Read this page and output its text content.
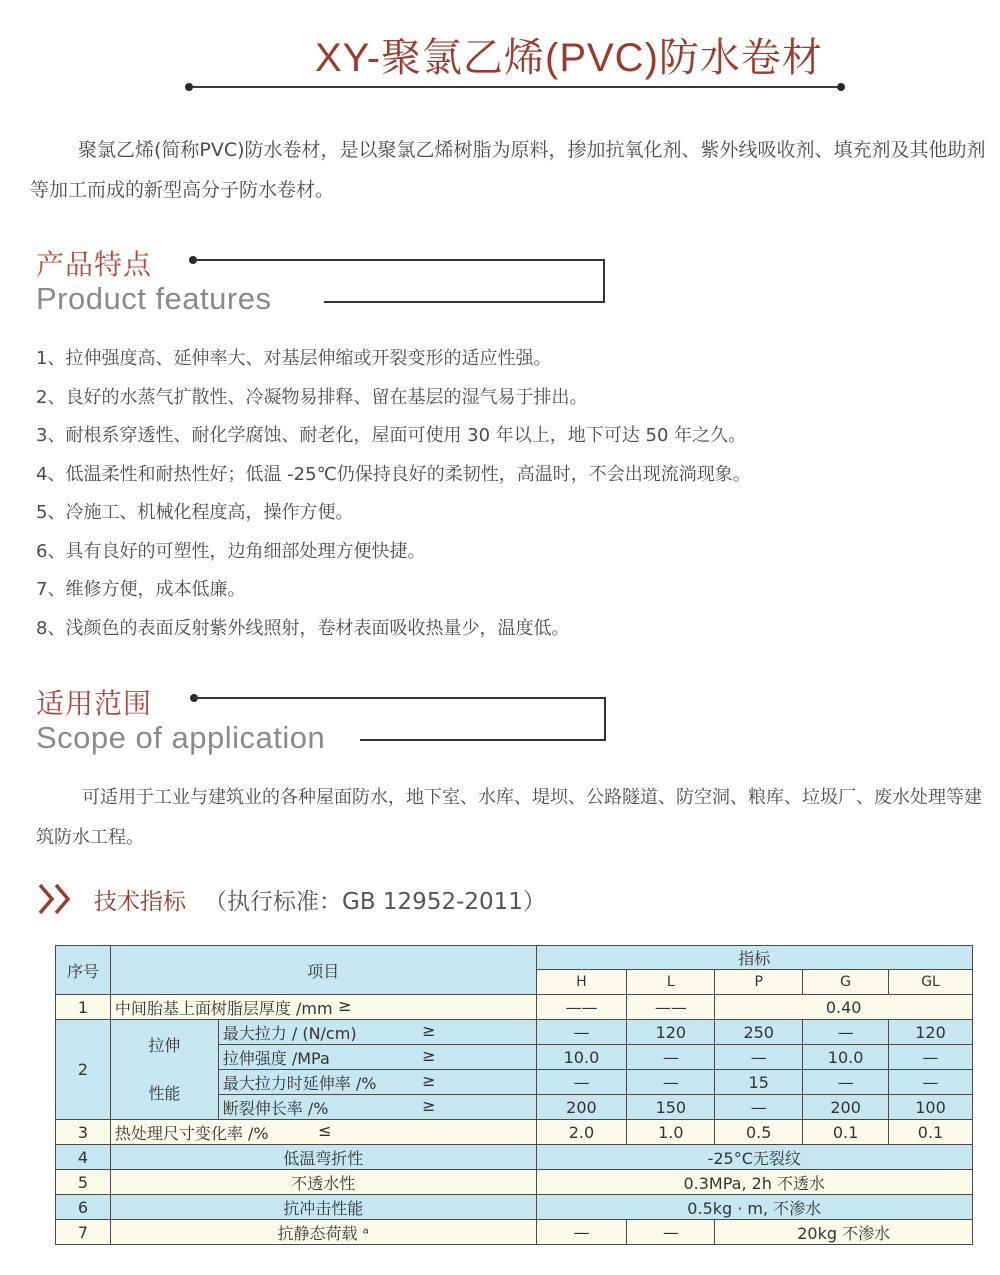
XY-聚氯乙烯(PVC)防水卷材

聚氯乙烯(简称PVC)防水卷材，是以聚氯乙烯树脂为原料，掺加抗氧化剂、紫外线吸收剂、填充剂及其他助剂等加工而成的新型高分子防水卷材。

产品特点
Product features
1、拉伸强度高、延伸率大、对基层伸缩或开裂变形的适应性强。
2、良好的水蒸气扩散性、冷凝物易排释、留在基层的湿气易于排出。
3、耐根系穿透性、耐化学腐蚀、耐老化，屋面可使用 30 年以上，地下可达 50 年之久。
4、低温柔性和耐热性好；低温 -25℃仍保持良好的柔韧性，高温时，不会出现流淌现象。
5、冷施工、机械化程度高，操作方便。
6、具有良好的可塑性，边角细部处理方便快捷。
7、维修方便，成本低廉。
8、浅颜色的表面反射紫外线照射，卷材表面吸收热量少，温度低。
适用范围
Scope of application

可适用于工业与建筑业的各种屋面防水，地下室、水库、堤坝、公路隧道、防空洞、粮库、垃圾厂、废水处理等建筑防水工程。

技术指标 （执行标准：GB 12952-2011）
序号	项目		指标				
			H	L	P	G	GL
1	中间胎基上面树脂层厚度 /mm ≥		——	——	0.40		
2	
拉伸
性能

最大拉力 / (N/cm)	≥	—	120	250	—	120

		拉伸强度 /MPa ≥	10.0	—	—	10.0	—

		最大拉力时延伸率 /% ≥	—	—	15	—	—

		断裂伸长率 /% ≥	200	150	—	200	100
3	热处理尺寸变化率 /% ≤		2.0	1.0	0.5	0.1	0.1
4	低温弯折性		-25°C无裂纹				
5	不透水性		0.3MPa, 2h 不透水				
6	抗冲击性能		0.5kg · m, 不渗水				
7	抗静态荷载 ᵃ		—	—	20kg 不渗水		
